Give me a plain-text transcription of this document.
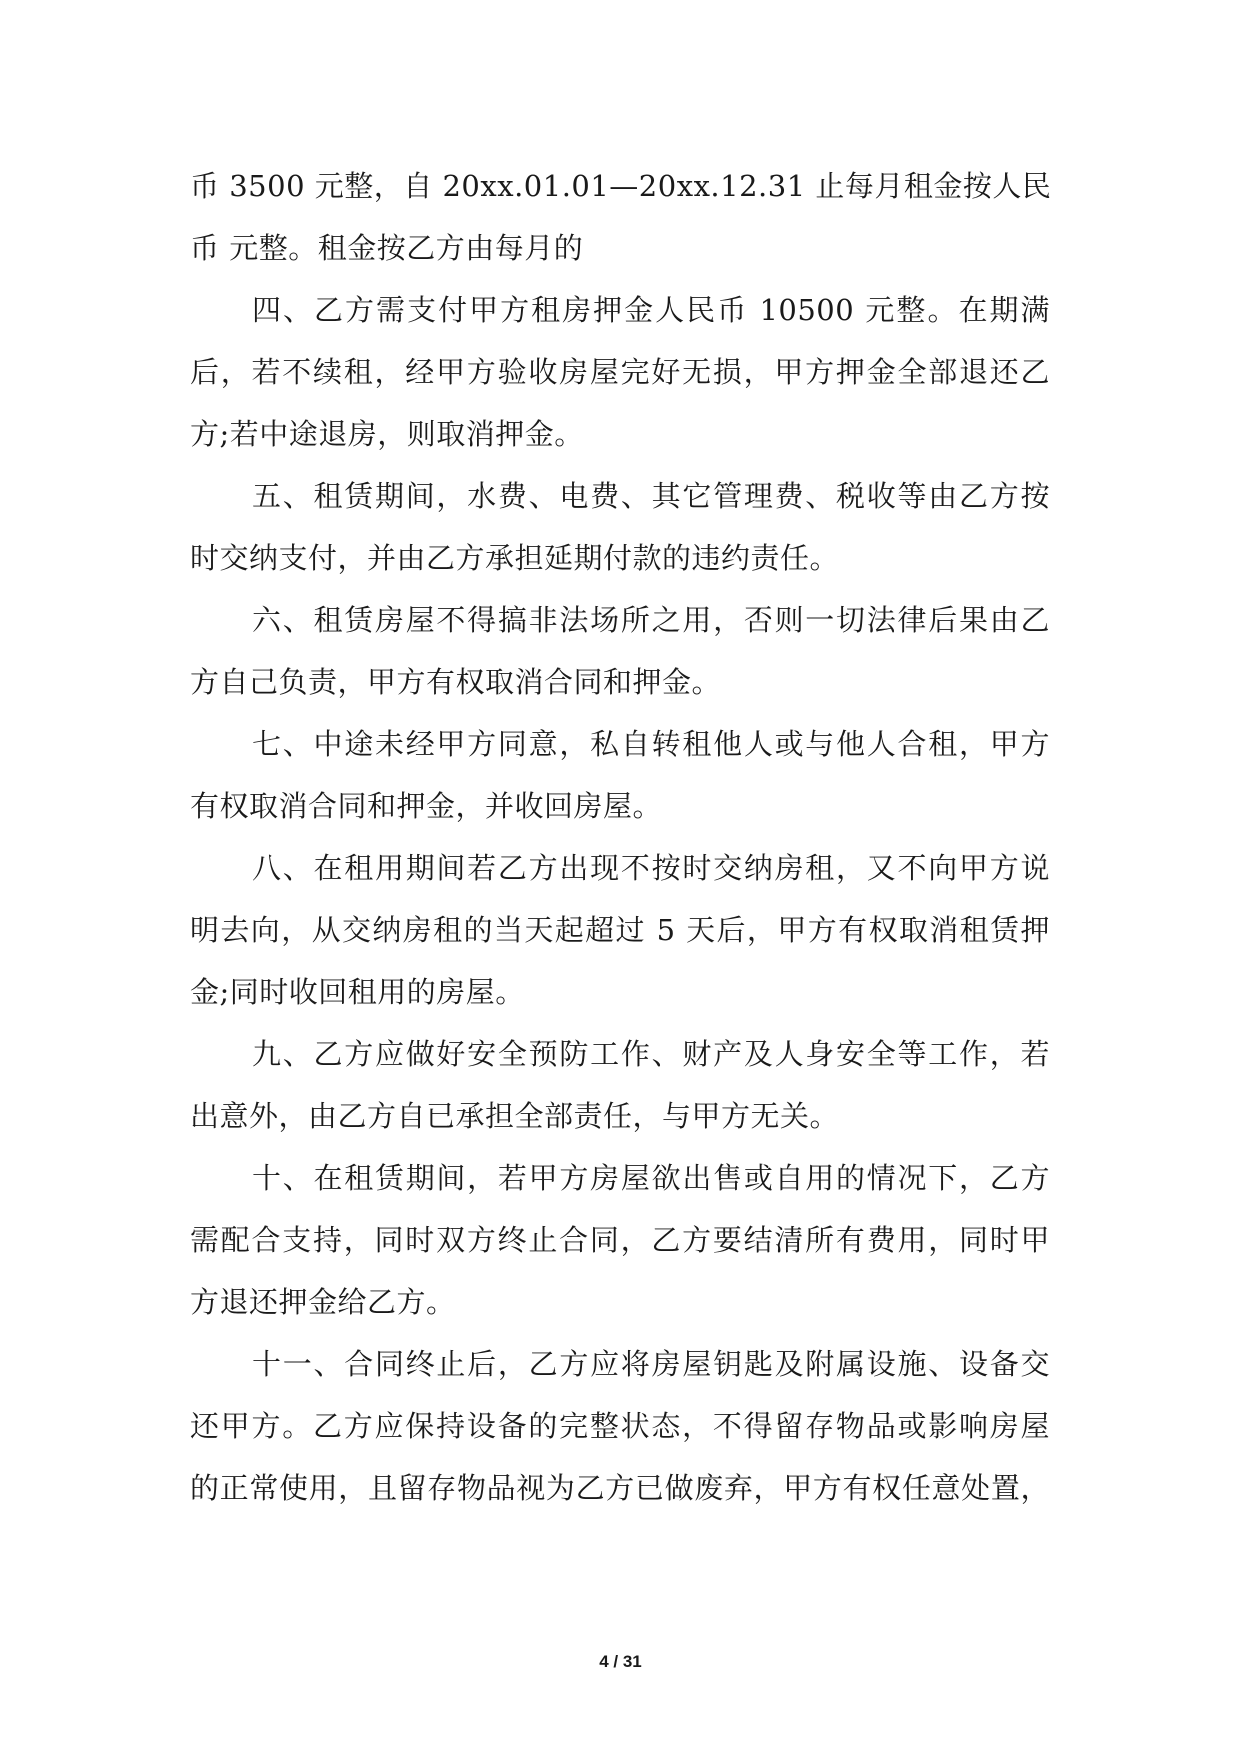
币 3500 元整，自 20xx.01.01—20xx.12.31 止每月租金按人民
币 元整。租金按乙方由每月的
四、乙方需支付甲方租房押金人民币 10500 元整。在期满
后，若不续租，经甲方验收房屋完好无损，甲方押金全部退还乙
方;若中途退房，则取消押金。
五、租赁期间，水费、电费、其它管理费、税收等由乙方按
时交纳支付，并由乙方承担延期付款的违约责任。
六、租赁房屋不得搞非法场所之用，否则一切法律后果由乙
方自己负责，甲方有权取消合同和押金。
七、中途未经甲方同意，私自转租他人或与他人合租，甲方
有权取消合同和押金，并收回房屋。
八、在租用期间若乙方出现不按时交纳房租，又不向甲方说
明去向，从交纳房租的当天起超过 5 天后，甲方有权取消租赁押
金;同时收回租用的房屋。
九、乙方应做好安全预防工作、财产及人身安全等工作，若
出意外，由乙方自已承担全部责任，与甲方无关。
十、在租赁期间，若甲方房屋欲出售或自用的情况下，乙方
需配合支持，同时双方终止合同，乙方要结清所有费用，同时甲
方退还押金给乙方。
十一、合同终止后，乙方应将房屋钥匙及附属设施、设备交
还甲方。乙方应保持设备的完整状态，不得留存物品或影响房屋
的正常使用，且留存物品视为乙方已做废弃，甲方有权任意处置，
4 / 31
